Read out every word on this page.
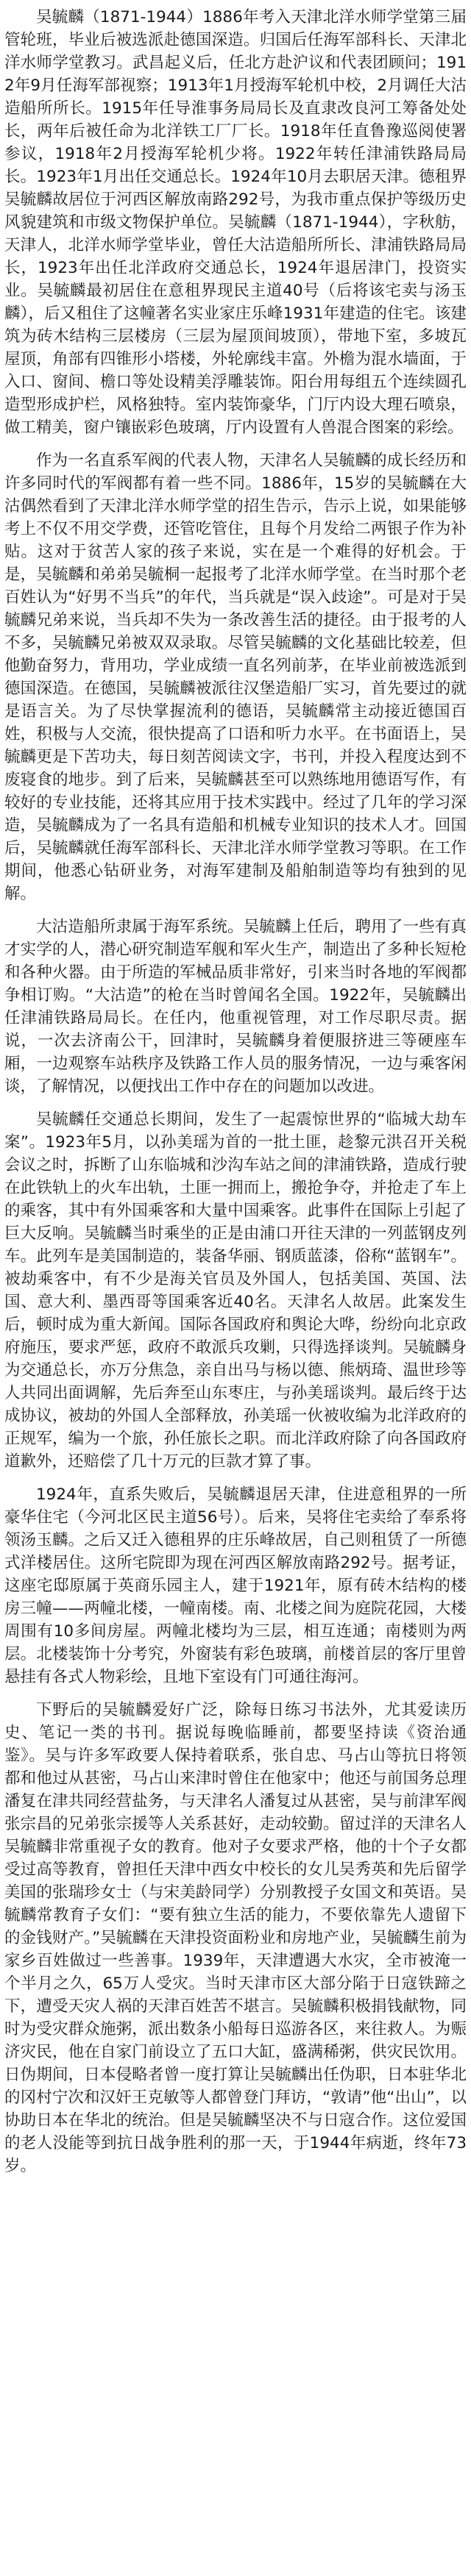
吴毓麟（1871-1944）1886年考入天津北洋水师学堂第三届管轮班，毕业后被选派赴德国深造。归国后任海军部科长、天津北洋水师学堂教习。武昌起义后，任北方赴沪议和代表团顾问；1912年9月任海军部视察；1913年1月授海军轮机中校，2月调任大沽造船所所长。1915年任导淮事务局局长及直隶改良河工筹备处处长，两年后被任命为北洋铁工厂厂长。1918年任直鲁豫巡阅使署参议，1918年2月授海军轮机少将。1922年转任津浦铁路局局长。1923年1月出任交通总长。1924年10月去职居天津。德租界吴毓麟故居位于河西区解放南路292号，为我市重点保护等级历史风貌建筑和市级文物保护单位。吴毓麟（1871-1944），字秋舫，天津人，北洋水师学堂毕业，曾任大沽造船所所长、津浦铁路局局长，1923年出任北洋政府交通总长，1924年退居津门，投资实业。吴毓麟最初居住在意租界现民主道40号（后将该宅卖与汤玉麟），后又租住了这幢著名实业家庄乐峰1931年建造的住宅。该建筑为砖木结构三层楼房（三层为屋顶间坡顶），带地下室，多坡瓦屋顶，角部有四锥形小塔楼，外轮廓线丰富。外檐为混水墙面，于入口、窗间、檐口等处设精美浮雕装饰。阳台用每组五个连续圆孔造型形成护栏，风格独特。室内装饰豪华，门厅内设大理石喷泉，做工精美，窗户镶嵌彩色玻璃，厅内设置有人兽混合图案的彩绘。

作为一名直系军阀的代表人物，天津名人吴毓麟的成长经历和许多同时代的军阀都有着一些不同。1886年，15岁的吴毓麟在大沽偶然看到了天津北洋水师学堂的招生告示，告示上说，如果能够考上不仅不用交学费，还管吃管住，且每个月发给二两银子作为补贴。这对于贫苦人家的孩子来说，实在是一个难得的好机会。于是，吴毓麟和弟弟吴毓桐一起报考了北洋水师学堂。在当时那个老百姓认为“好男不当兵”的年代，当兵就是“误入歧途”。可是对于吴毓麟兄弟来说，当兵却不失为一条改善生活的捷径。由于报考的人不多，吴毓麟兄弟被双双录取。尽管吴毓麟的文化基础比较差，但他勤奋努力，背用功，学业成绩一直名列前茅，在毕业前被选派到德国深造。在德国，吴毓麟被派往汉堡造船厂实习，首先要过的就是语言关。为了尽快掌握流利的德语，吴毓麟常主动接近德国百姓，积极与人交流，很快提高了口语和听力水平。在书面语上，吴毓麟更是下苦功夫，每日刻苦阅读文字，书刊，并投入程度达到不废寝食的地步。到了后来，吴毓麟甚至可以熟练地用德语写作，有较好的专业技能，还将其应用于技术实践中。经过了几年的学习深造，吴毓麟成为了一名具有造船和机械专业知识的技术人才。回国后，吴毓麟就任海军部科长、天津北洋水师学堂教习等职。在工作期间，他悉心钻研业务，对海军建制及船舶制造等均有独到的见解。

大沽造船所隶属于海军系统。吴毓麟上任后，聘用了一些有真才实学的人，潜心研究制造军舰和军火生产，制造出了多种长短枪和各种火器。由于所造的军械品质非常好，引来当时各地的军阀都争相订购。“大沽造”的枪在当时曾闻名全国。1922年，吴毓麟出任津浦铁路局局长。在任内，他重视管理，对工作尽职尽责。据说，一次去济南公干，回津时，吴毓麟身着便服挤进三等硬座车厢，一边观察车站秩序及铁路工作人员的服务情况，一边与乘客闲谈，了解情况，以便找出工作中存在的问题加以改进。

吴毓麟任交通总长期间，发生了一起震惊世界的“临城大劫车案”。1923年5月，以孙美瑶为首的一批土匪，趁黎元洪召开关税会议之时，拆断了山东临城和沙沟车站之间的津浦铁路，造成行驶在此铁轨上的火车出轨，土匪一拥而上，搬抢争夺，并抢走了车上的乘客，其中有外国乘客和大量中国乘客。此事件在国际上引起了巨大反响。吴毓麟当时乘坐的正是由浦口开往天津的一列蓝钢皮列车。此列车是美国制造的，装备华丽、钢质蓝漆，俗称“蓝钢车”。被劫乘客中，有不少是海关官员及外国人，包括美国、英国、法国、意大利、墨西哥等国乘客近40名。天津名人故居。此案发生后，顿时成为重大新闻。国际各国政府和舆论大哗，纷纷向北京政府施压，要求严惩，政府不敢派兵攻剿，只得选择谈判。吴毓麟身为交通总长，亦万分焦急，亲自出马与杨以德、熊炳琦、温世珍等人共同出面调解，先后奔至山东枣庄，与孙美瑶谈判。最后终于达成协议，被劫的外国人全部释放，孙美瑶一伙被收编为北洋政府的正规军，编为一个旅，孙任旅长之职。而北洋政府除了向各国政府道歉外，还赔偿了几十万元的巨款才算了事。

1924年，直系失败后，吴毓麟退居天津，住进意租界的一所豪华住宅（今河北区民主道56号）。后来，吴将住宅卖给了奉系将领汤玉麟。之后又迁入德租界的庄乐峰故居，自己则租赁了一所德式洋楼居住。这所宅院即为现在河西区解放南路292号。据考证，这座宅邸原属于英商乐园主人，建于1921年，原有砖木结构的楼房三幢——两幢北楼，一幢南楼。南、北楼之间为庭院花园，大楼周围有10多间房屋。两幢北楼均为三层，相互连通；南楼则为两层。北楼装饰十分考究，外窗装有彩色玻璃，前楼首层的客厅里曾悬挂有各式人物彩绘，且地下室设有门可通往海河。

下野后的吴毓麟爱好广泛，除每日练习书法外，尤其爱读历史、笔记一类的书刊。据说每晚临睡前，都要坚持读《资治通鉴》。吴与许多军政要人保持着联系，张自忠、马占山等抗日将领都和他过从甚密，马占山来津时曾住在他家中；他还与前国务总理潘复在津共同经营盐务，与天津名人潘复过从甚密，吴与前津军阀张宗昌的兄弟张宗援等人关系甚好，走动较勤。留过洋的天津名人吴毓麟非常重视子女的教育。他对子女要求严格，他的十个子女都受过高等教育，曾担任天津中西女中校长的女儿吴秀英和先后留学美国的张瑞珍女士（与宋美龄同学）分别教授子女国文和英语。吴毓麟常教育子女们：“要有独立生活的能力，不要依靠先人遗留下的金钱财产。”吴毓麟在天津投资面粉业和房地产业，吴毓麟生前为家乡百姓做过一些善事。1939年，天津遭遇大水灾，全市被淹一个半月之久，65万人受灾。当时天津市区大部分陷于日寇铁蹄之下，遭受天灾人祸的天津百姓苦不堪言。吴毓麟积极捐钱献物，同时为受灾群众施粥，派出数条小船每日巡游各区，来往救人。为赈济灾民，他在自家门前设立了五口大缸，盛满稀粥，供灾民饮用。日伪期间，日本侵略者曾一度打算让吴毓麟出任伪职，日本驻华北的冈村宁次和汉奸王克敏等人都曾登门拜访，“敦请”他“出山”，以协助日本在华北的统治。但是吴毓麟坚决不与日寇合作。这位爱国的老人没能等到抗日战争胜利的那一天，于1944年病逝，终年73岁。
